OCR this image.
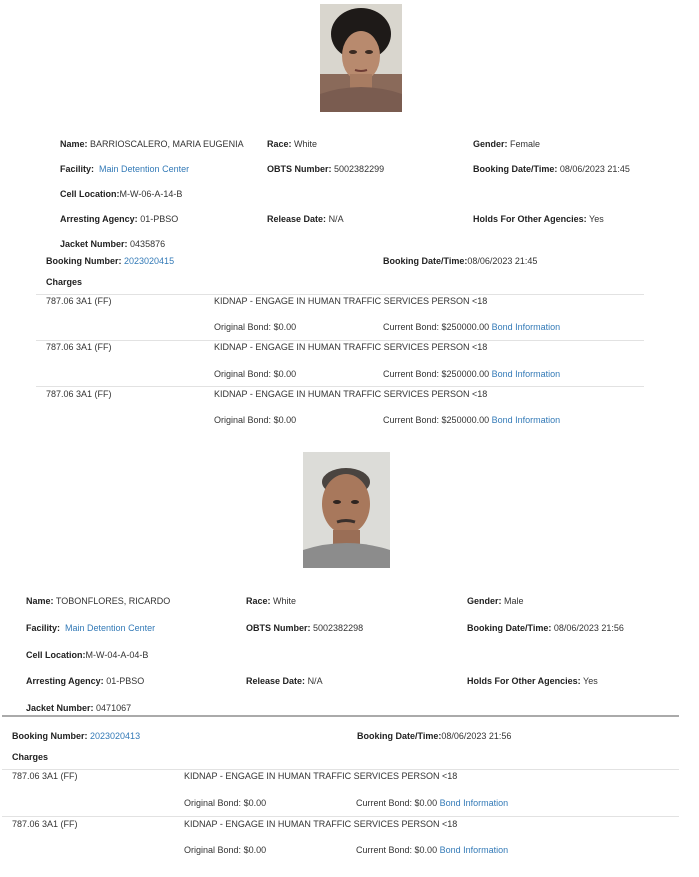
Name: BARRIOSCALERO, MARIA EUGENIA	Race: White	Gender: Female
Facility: Main Detention Center	OBTS Number: 5002382299	Booking Date/Time: 08/06/2023 21:45
Cell Location:M-W-06-A-14-B
Arresting Agency: 01-PBSO	Release Date: N/A	Holds For Other Agencies: Yes
Jacket Number: 0435876
Booking Number: 2023020415	Booking Date/Time:08/06/2023 21:45
Charges
787.06 3A1 (FF)	KIDNAP - ENGAGE IN HUMAN TRAFFIC SERVICES PERSON <18
Original Bond: $0.00	Current Bond: $250000.00 Bond Information
787.06 3A1 (FF)	KIDNAP - ENGAGE IN HUMAN TRAFFIC SERVICES PERSON <18
Original Bond: $0.00	Current Bond: $250000.00 Bond Information
787.06 3A1 (FF)	KIDNAP - ENGAGE IN HUMAN TRAFFIC SERVICES PERSON <18
Original Bond: $0.00	Current Bond: $250000.00 Bond Information
Name: TOBONFLORES, RICARDO	Race: White	Gender: Male
Facility: Main Detention Center	OBTS Number: 5002382298	Booking Date/Time: 08/06/2023 21:56
Cell Location:M-W-04-A-04-B
Arresting Agency: 01-PBSO	Release Date: N/A	Holds For Other Agencies: Yes
Jacket Number: 0471067
Booking Number: 2023020413	Booking Date/Time:08/06/2023 21:56
Charges
787.06 3A1 (FF)	KIDNAP - ENGAGE IN HUMAN TRAFFIC SERVICES PERSON <18
Original Bond: $0.00	Current Bond: $0.00 Bond Information
787.06 3A1 (FF)	KIDNAP - ENGAGE IN HUMAN TRAFFIC SERVICES PERSON <18
Original Bond: $0.00	Current Bond: $0.00 Bond Information
